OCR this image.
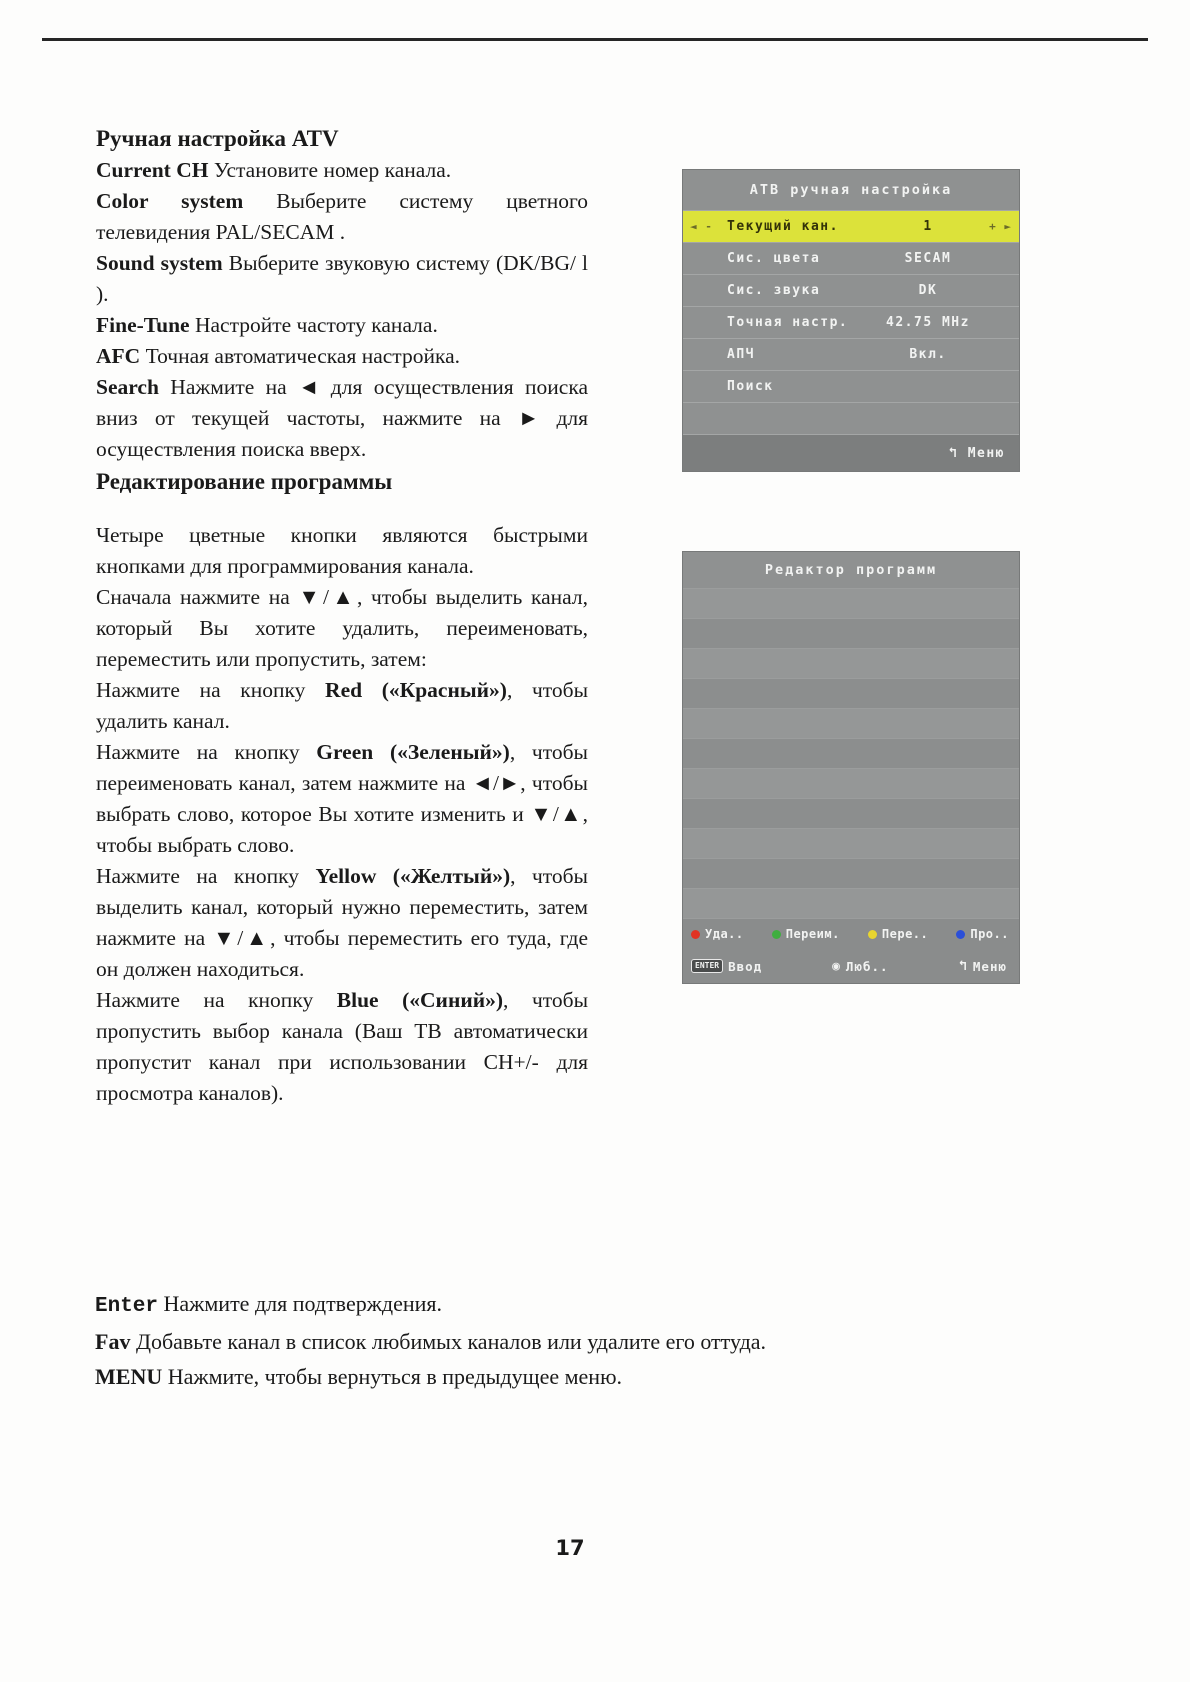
Ручная настройка ATV

Current CH Установите номер канала.

Color system Выберите систему цветного телевидения PAL/SECAM .

Sound system Выберите звуковую систему (DK/BG/ l ).

Fine-Tune Настройте частоту канала.

AFC Точная автоматическая настройка.

Search Нажмите на ◄ для осуществления поиска вниз от текущей частоты, нажмите на ► для осуществления поиска вверх.

Редактирование программы

Четыре цветные кнопки являются быстрыми кнопками для программирования канала.

Сначала нажмите на ▼/▲, чтобы выделить канал, который Вы хотите удалить, переименовать, переместить или пропустить, затем:

Нажмите на кнопку Red («Красный»), чтобы удалить канал.

Нажмите на кнопку Green («Зеленый»), чтобы переименовать канал, затем нажмите на ◄/►, чтобы выбрать слово, которое Вы хотите изменить и ▼/▲, чтобы выбрать слово.

Нажмите на кнопку Yellow («Желтый»), чтобы выделить канал, который нужно переместить, затем нажмите на ▼/▲, чтобы переместить его туда, где он должен находиться.

Нажмите на кнопку Blue («Синий»), чтобы пропустить выбор канала (Ваш ТВ автоматически пропустит канал при использовании CH+/- для просмотра каналов).

АТВ ручная настройка
◄ - Текущий кан.	1	+ ►
Сис. цвета	SECAM
Сис. звука	DK
Точная настр.	42.75 MHz
АПЧ	Вкл.
Поиск
↰ Меню
Редактор программ
Уда..	Переим.	Пере..	Про..
ENTER Ввод	◉ Люб..	↰ Меню

Enter Нажмите для подтверждения.

Fav Добавьте канал в список любимых каналов или удалите его оттуда.

MENU Нажмите, чтобы вернуться в предыдущее меню.

17
